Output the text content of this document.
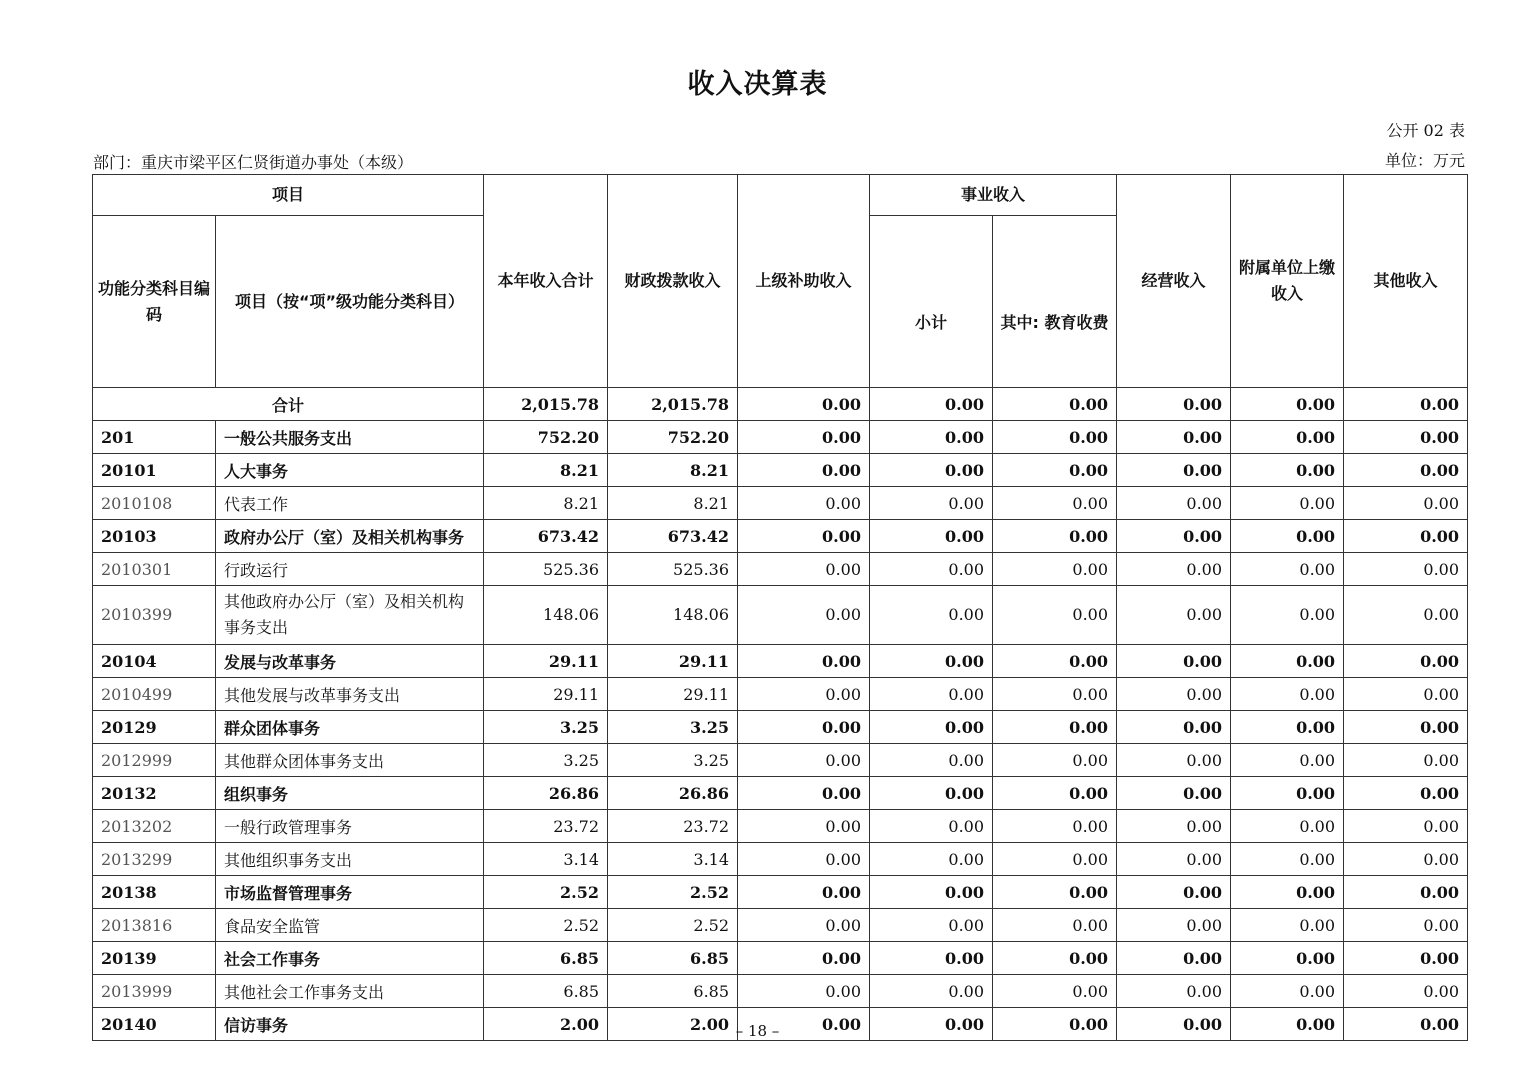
收入决算表
公开 02 表
部门：重庆市梁平区仁贤街道办事处（本级）	单位：万元
项目		本年收入合计	财政拨款收入	上级补助收入	事业收入		经营收入	附属单位上缴收入	其他收入
功能分类科目编码	项目（按“项”级功能分类科目）				小计	其中: 教育收费			
合计		2,015.78	2,015.78	0.00	0.00	0.00	0.00	0.00	0.00
201	一般公共服务支出	752.20	752.20	0.00	0.00	0.00	0.00	0.00	0.00
20101	人大事务	8.21	8.21	0.00	0.00	0.00	0.00	0.00	0.00
2010108	代表工作	8.21	8.21	0.00	0.00	0.00	0.00	0.00	0.00
20103	政府办公厅（室）及相关机构事务	673.42	673.42	0.00	0.00	0.00	0.00	0.00	0.00
2010301	行政运行	525.36	525.36	0.00	0.00	0.00	0.00	0.00	0.00
2010399	其他政府办公厅（室）及相关机构事务支出	148.06	148.06	0.00	0.00	0.00	0.00	0.00	0.00
20104	发展与改革事务	29.11	29.11	0.00	0.00	0.00	0.00	0.00	0.00
2010499	其他发展与改革事务支出	29.11	29.11	0.00	0.00	0.00	0.00	0.00	0.00
20129	群众团体事务	3.25	3.25	0.00	0.00	0.00	0.00	0.00	0.00
2012999	其他群众团体事务支出	3.25	3.25	0.00	0.00	0.00	0.00	0.00	0.00
20132	组织事务	26.86	26.86	0.00	0.00	0.00	0.00	0.00	0.00
2013202	一般行政管理事务	23.72	23.72	0.00	0.00	0.00	0.00	0.00	0.00
2013299	其他组织事务支出	3.14	3.14	0.00	0.00	0.00	0.00	0.00	0.00
20138	市场监督管理事务	2.52	2.52	0.00	0.00	0.00	0.00	0.00	0.00
2013816	食品安全监管	2.52	2.52	0.00	0.00	0.00	0.00	0.00	0.00
20139	社会工作事务	6.85	6.85	0.00	0.00	0.00	0.00	0.00	0.00
2013999	其他社会工作事务支出	6.85	6.85	0.00	0.00	0.00	0.00	0.00	0.00
20140	信访事务	2.00	2.00	0.00	0.00	0.00	0.00	0.00	0.00
– 18 –
